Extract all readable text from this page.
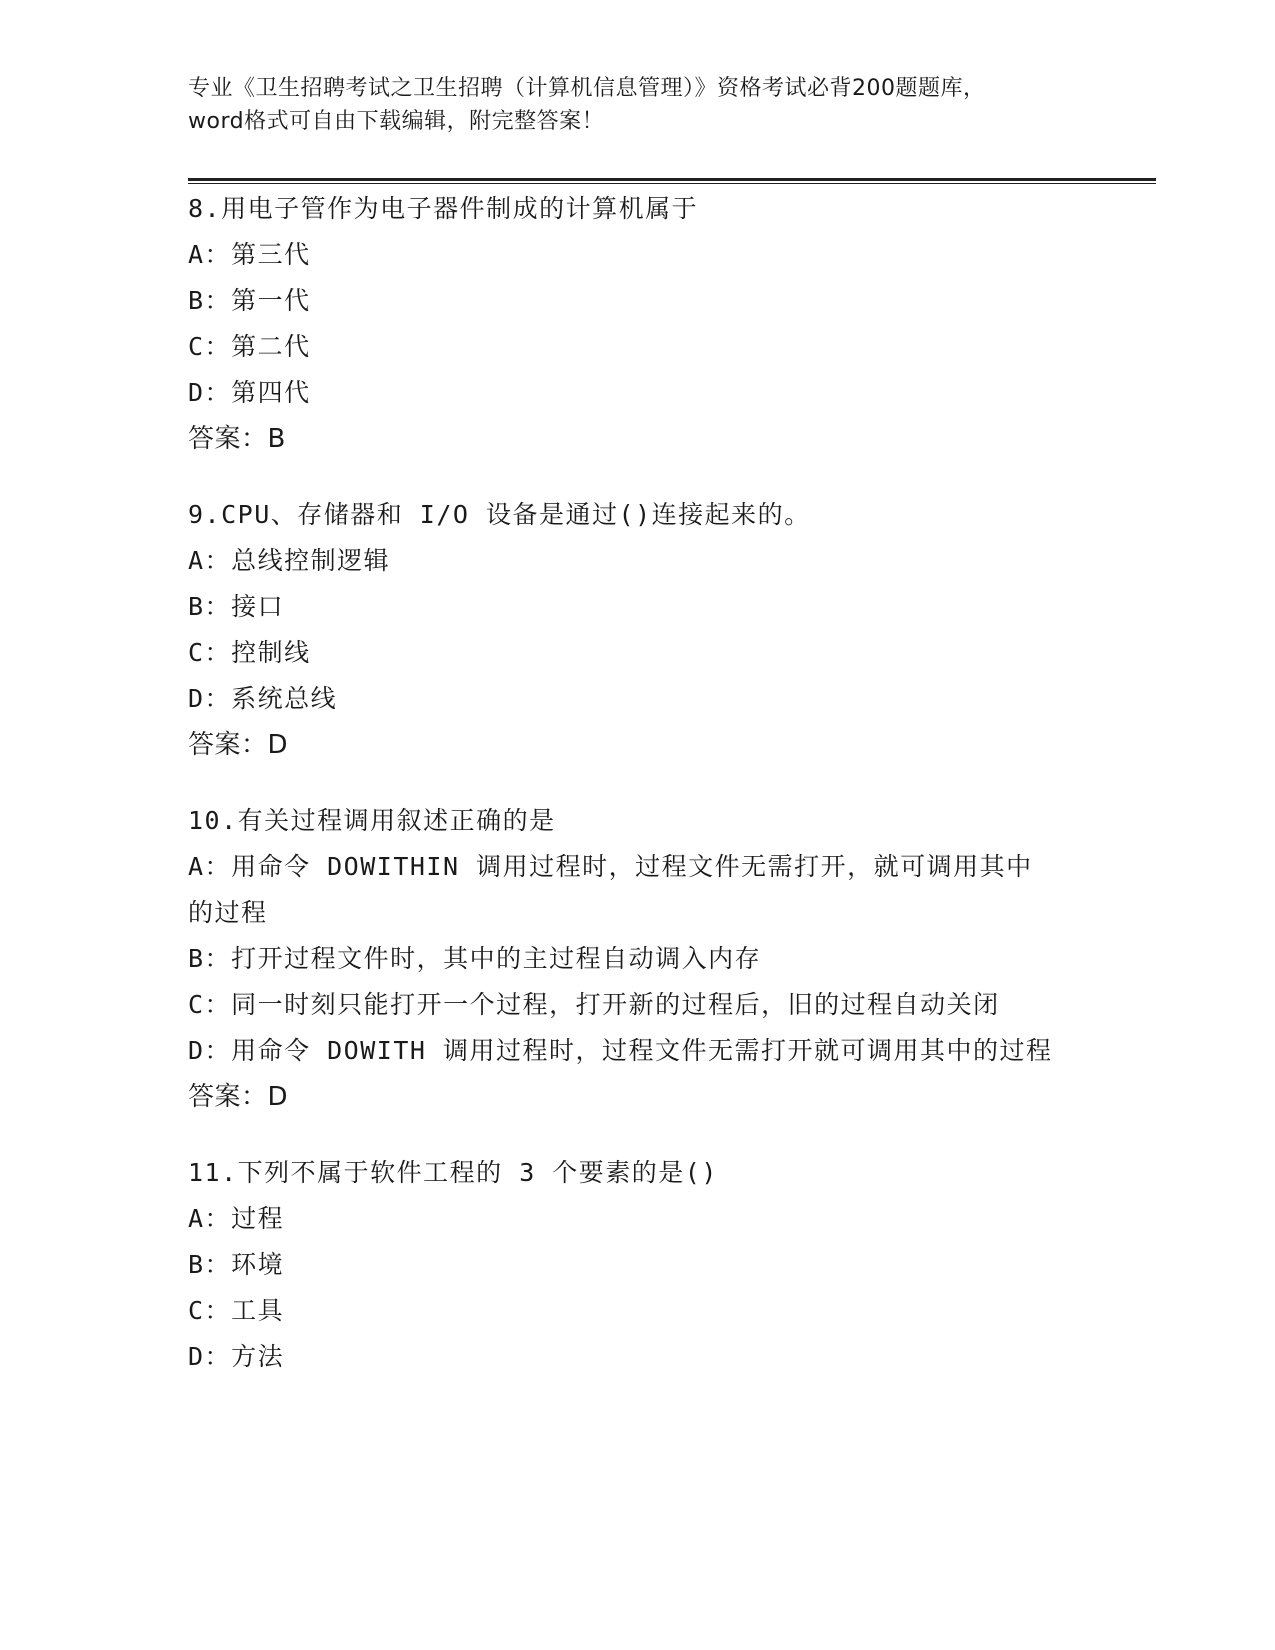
专业《卫生招聘考试之卫生招聘（计算机信息管理）》资格考试必背200题题库，
word格式可自由下载编辑，附完整答案！
8.用电子管作为电子器件制成的计算机属于
A：第三代
B：第一代
C：第二代
D：第四代
答案：B
9.CPU、存储器和 I/O 设备是通过()连接起来的。
A：总线控制逻辑
B：接口
C：控制线
D：系统总线
答案：D
10.有关过程调用叙述正确的是
A：用命令 DOWITHIN 调用过程时，过程文件无需打开，就可调用其中的过程
B：打开过程文件时，其中的主过程自动调入内存
C：同一时刻只能打开一个过程，打开新的过程后，旧的过程自动关闭
D：用命令 DOWITH 调用过程时，过程文件无需打开就可调用其中的过程
答案：D
11.下列不属于软件工程的 3 个要素的是()
A：过程
B：环境
C：工具
D：方法
